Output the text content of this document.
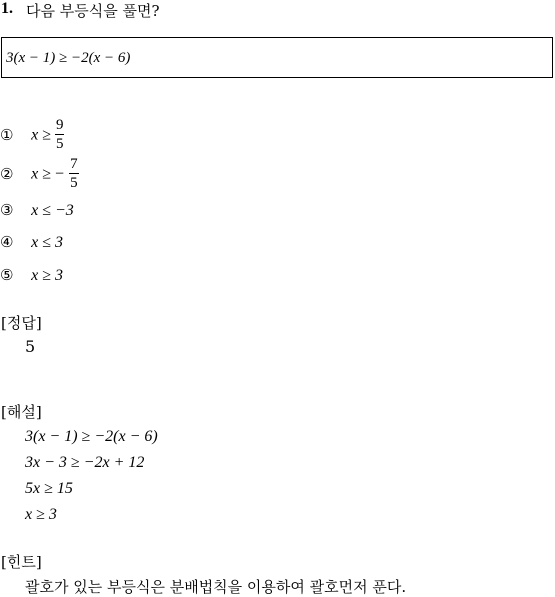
1. 다음 부등식을 풀면?
3(x − 1) ≥ −2(x − 6)
① $x \ge \frac{9}{5}$
② x ≥ − $\frac{7}{5}$
③ x ≤ −3
④ x ≤ 3
⑤ x ≥ 3
[정답]
5
[해설]
3(x − 1) ≥ −2(x − 6)
3x − 3 ≥ −2x + 12
5x ≥ 15
x ≥ 3
[힌트]
괄호가 있는 부등식은 분배법칙을 이용하여 괄호먼저 푼다.
